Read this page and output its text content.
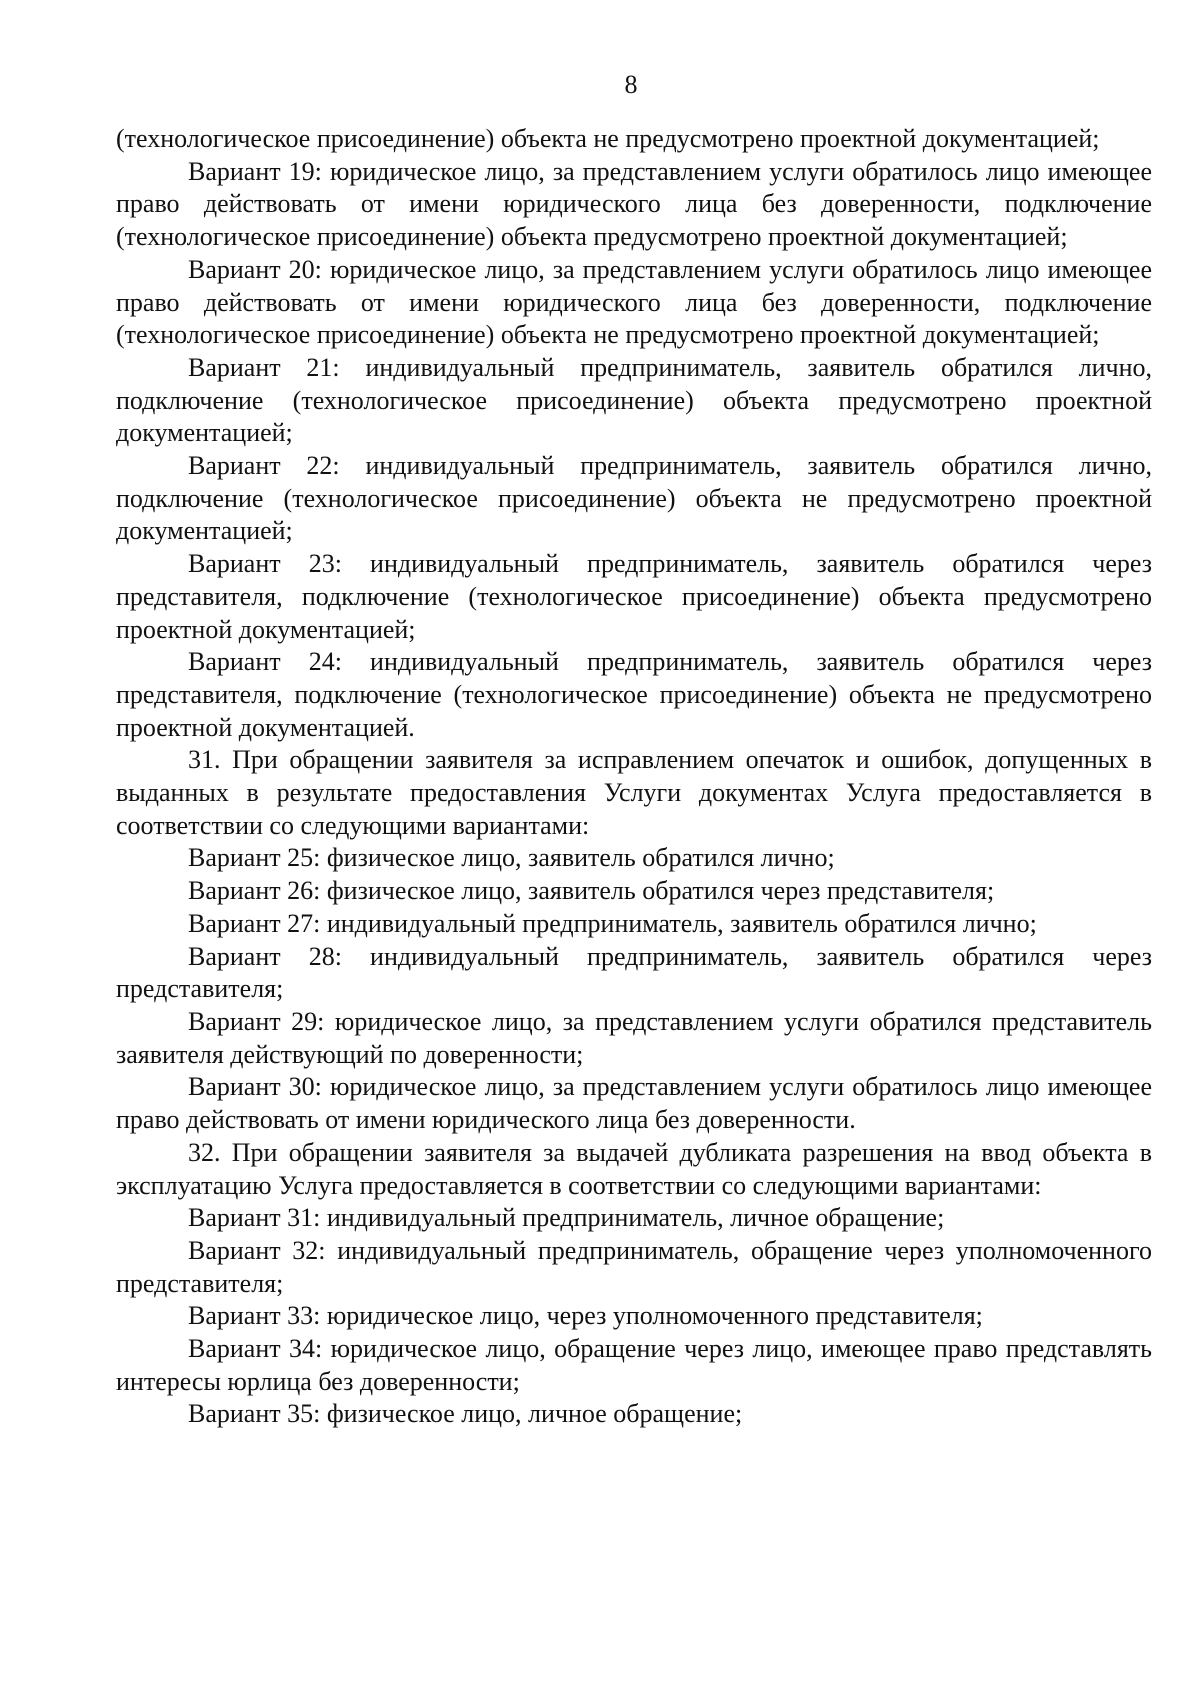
8

(технологическое присоединение) объекта не предусмотрено проектной документацией;

Вариант 19: юридическое лицо, за представлением услуги обратилось лицо имеющее право действовать от имени юридического лица без доверенности, подключение (технологическое присоединение) объекта предусмотрено проектной документацией;

Вариант 20: юридическое лицо, за представлением услуги обратилось лицо имеющее право действовать от имени юридического лица без доверенности, подключение (технологическое присоединение) объекта не предусмотрено проектной документацией;

Вариант 21: индивидуальный предприниматель, заявитель обратился лично, подключение (технологическое присоединение) объекта предусмотрено проектной документацией;

Вариант 22: индивидуальный предприниматель, заявитель обратился лично, подключение (технологическое присоединение) объекта не предусмотрено проектной документацией;

Вариант 23: индивидуальный предприниматель, заявитель обратился через представителя, подключение (технологическое присоединение) объекта предусмотрено проектной документацией;

Вариант 24: индивидуальный предприниматель, заявитель обратился через представителя, подключение (технологическое присоединение) объекта не предусмотрено проектной документацией.

31. При обращении заявителя за исправлением опечаток и ошибок, допущенных в выданных в результате предоставления Услуги документах Услуга предоставляется в соответствии со следующими вариантами:

Вариант 25: физическое лицо, заявитель обратился лично;

Вариант 26: физическое лицо, заявитель обратился через представителя;

Вариант 27: индивидуальный предприниматель, заявитель обратился лично;

Вариант 28: индивидуальный предприниматель, заявитель обратился через представителя;

Вариант 29: юридическое лицо, за представлением услуги обратился представитель заявителя действующий по доверенности;

Вариант 30: юридическое лицо, за представлением услуги обратилось лицо имеющее право действовать от имени юридического лица без доверенности.

32. При обращении заявителя за выдачей дубликата разрешения на ввод объекта в эксплуатацию Услуга предоставляется в соответствии со следующими вариантами:

Вариант 31: индивидуальный предприниматель, личное обращение;

Вариант 32: индивидуальный предприниматель, обращение через уполномоченного представителя;

Вариант 33: юридическое лицо, через уполномоченного представителя;

Вариант 34: юридическое лицо, обращение через лицо, имеющее право представлять интересы юрлица без доверенности;

Вариант 35: физическое лицо, личное обращение;
